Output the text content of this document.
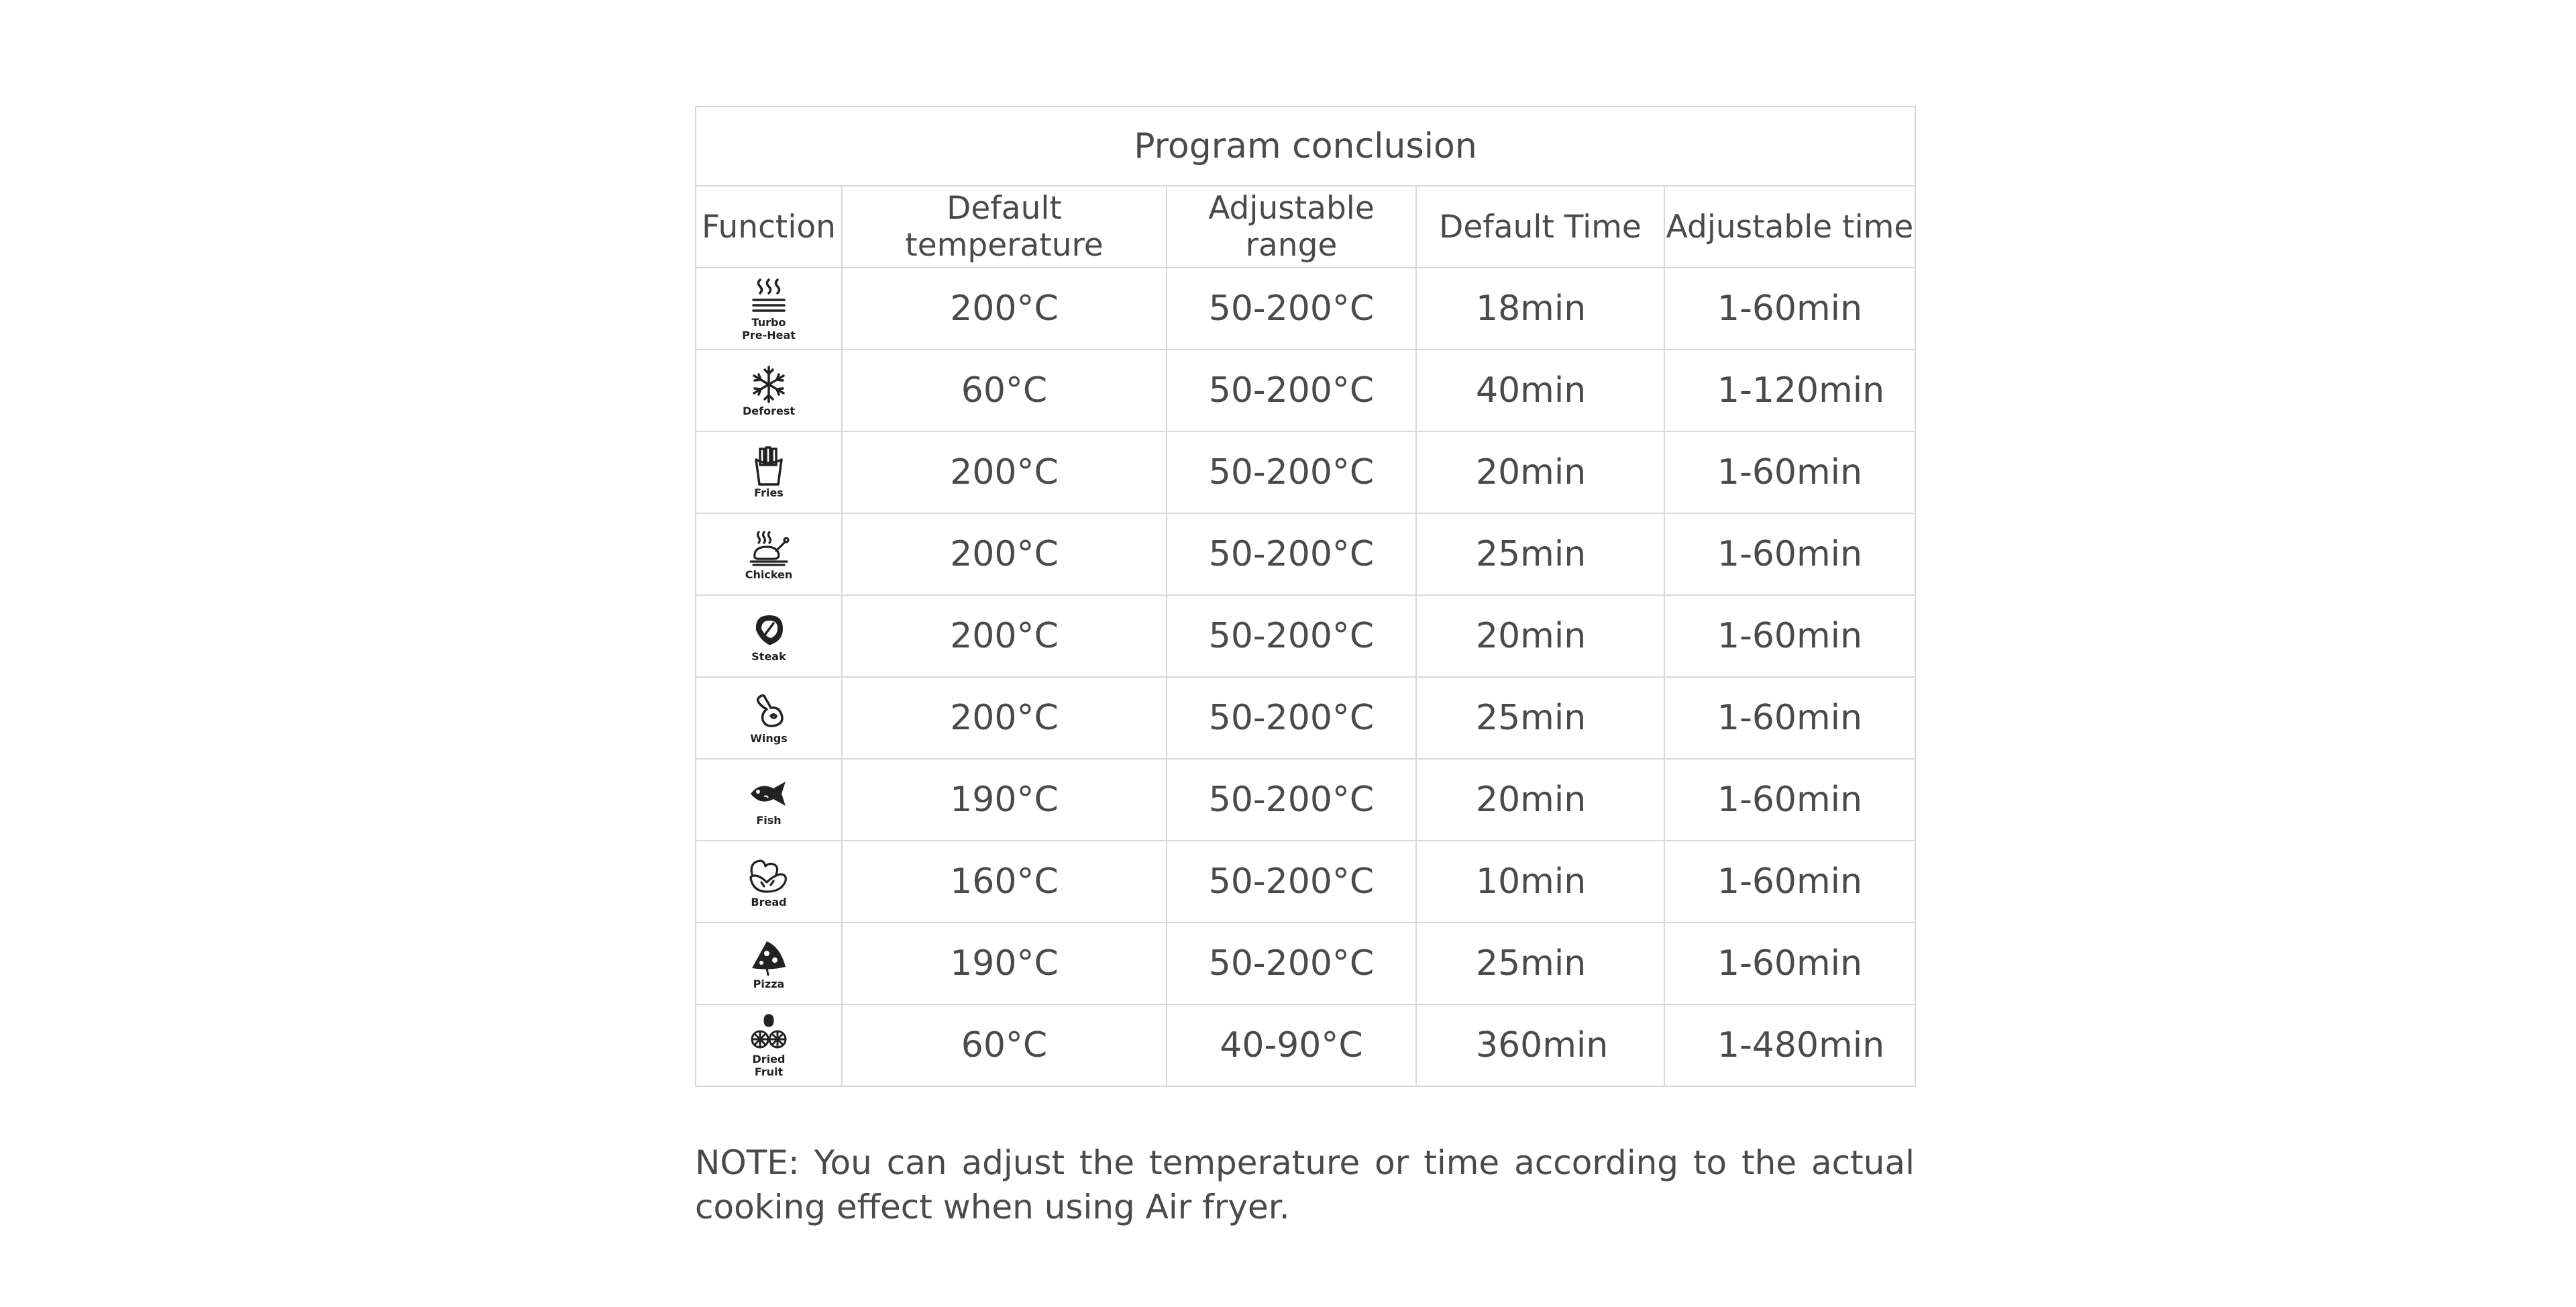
Program conclusion				
Function	Default temperature	Adjustable range	Default Time	Adjustable time

Turbo
Pre-Heat	200°C	50-200°C	18min	1-60min

Deforest	60°C	50-200°C	40min	1-120min

Fries	200°C	50-200°C	20min	1-60min

Chicken	200°C	50-200°C	25min	1-60min

Steak	200°C	50-200°C	20min	1-60min

Wings	200°C	50-200°C	25min	1-60min

Fish	190°C	50-200°C	20min	1-60min

Bread	160°C	50-200°C	10min	1-60min

Pizza	190°C	50-200°C	25min	1-60min

Dried
Fruit	60°C	40-90°C	360min	1-480min

NOTE: You can adjust the temperature or time according to the actual cooking effect when using Air fryer.
